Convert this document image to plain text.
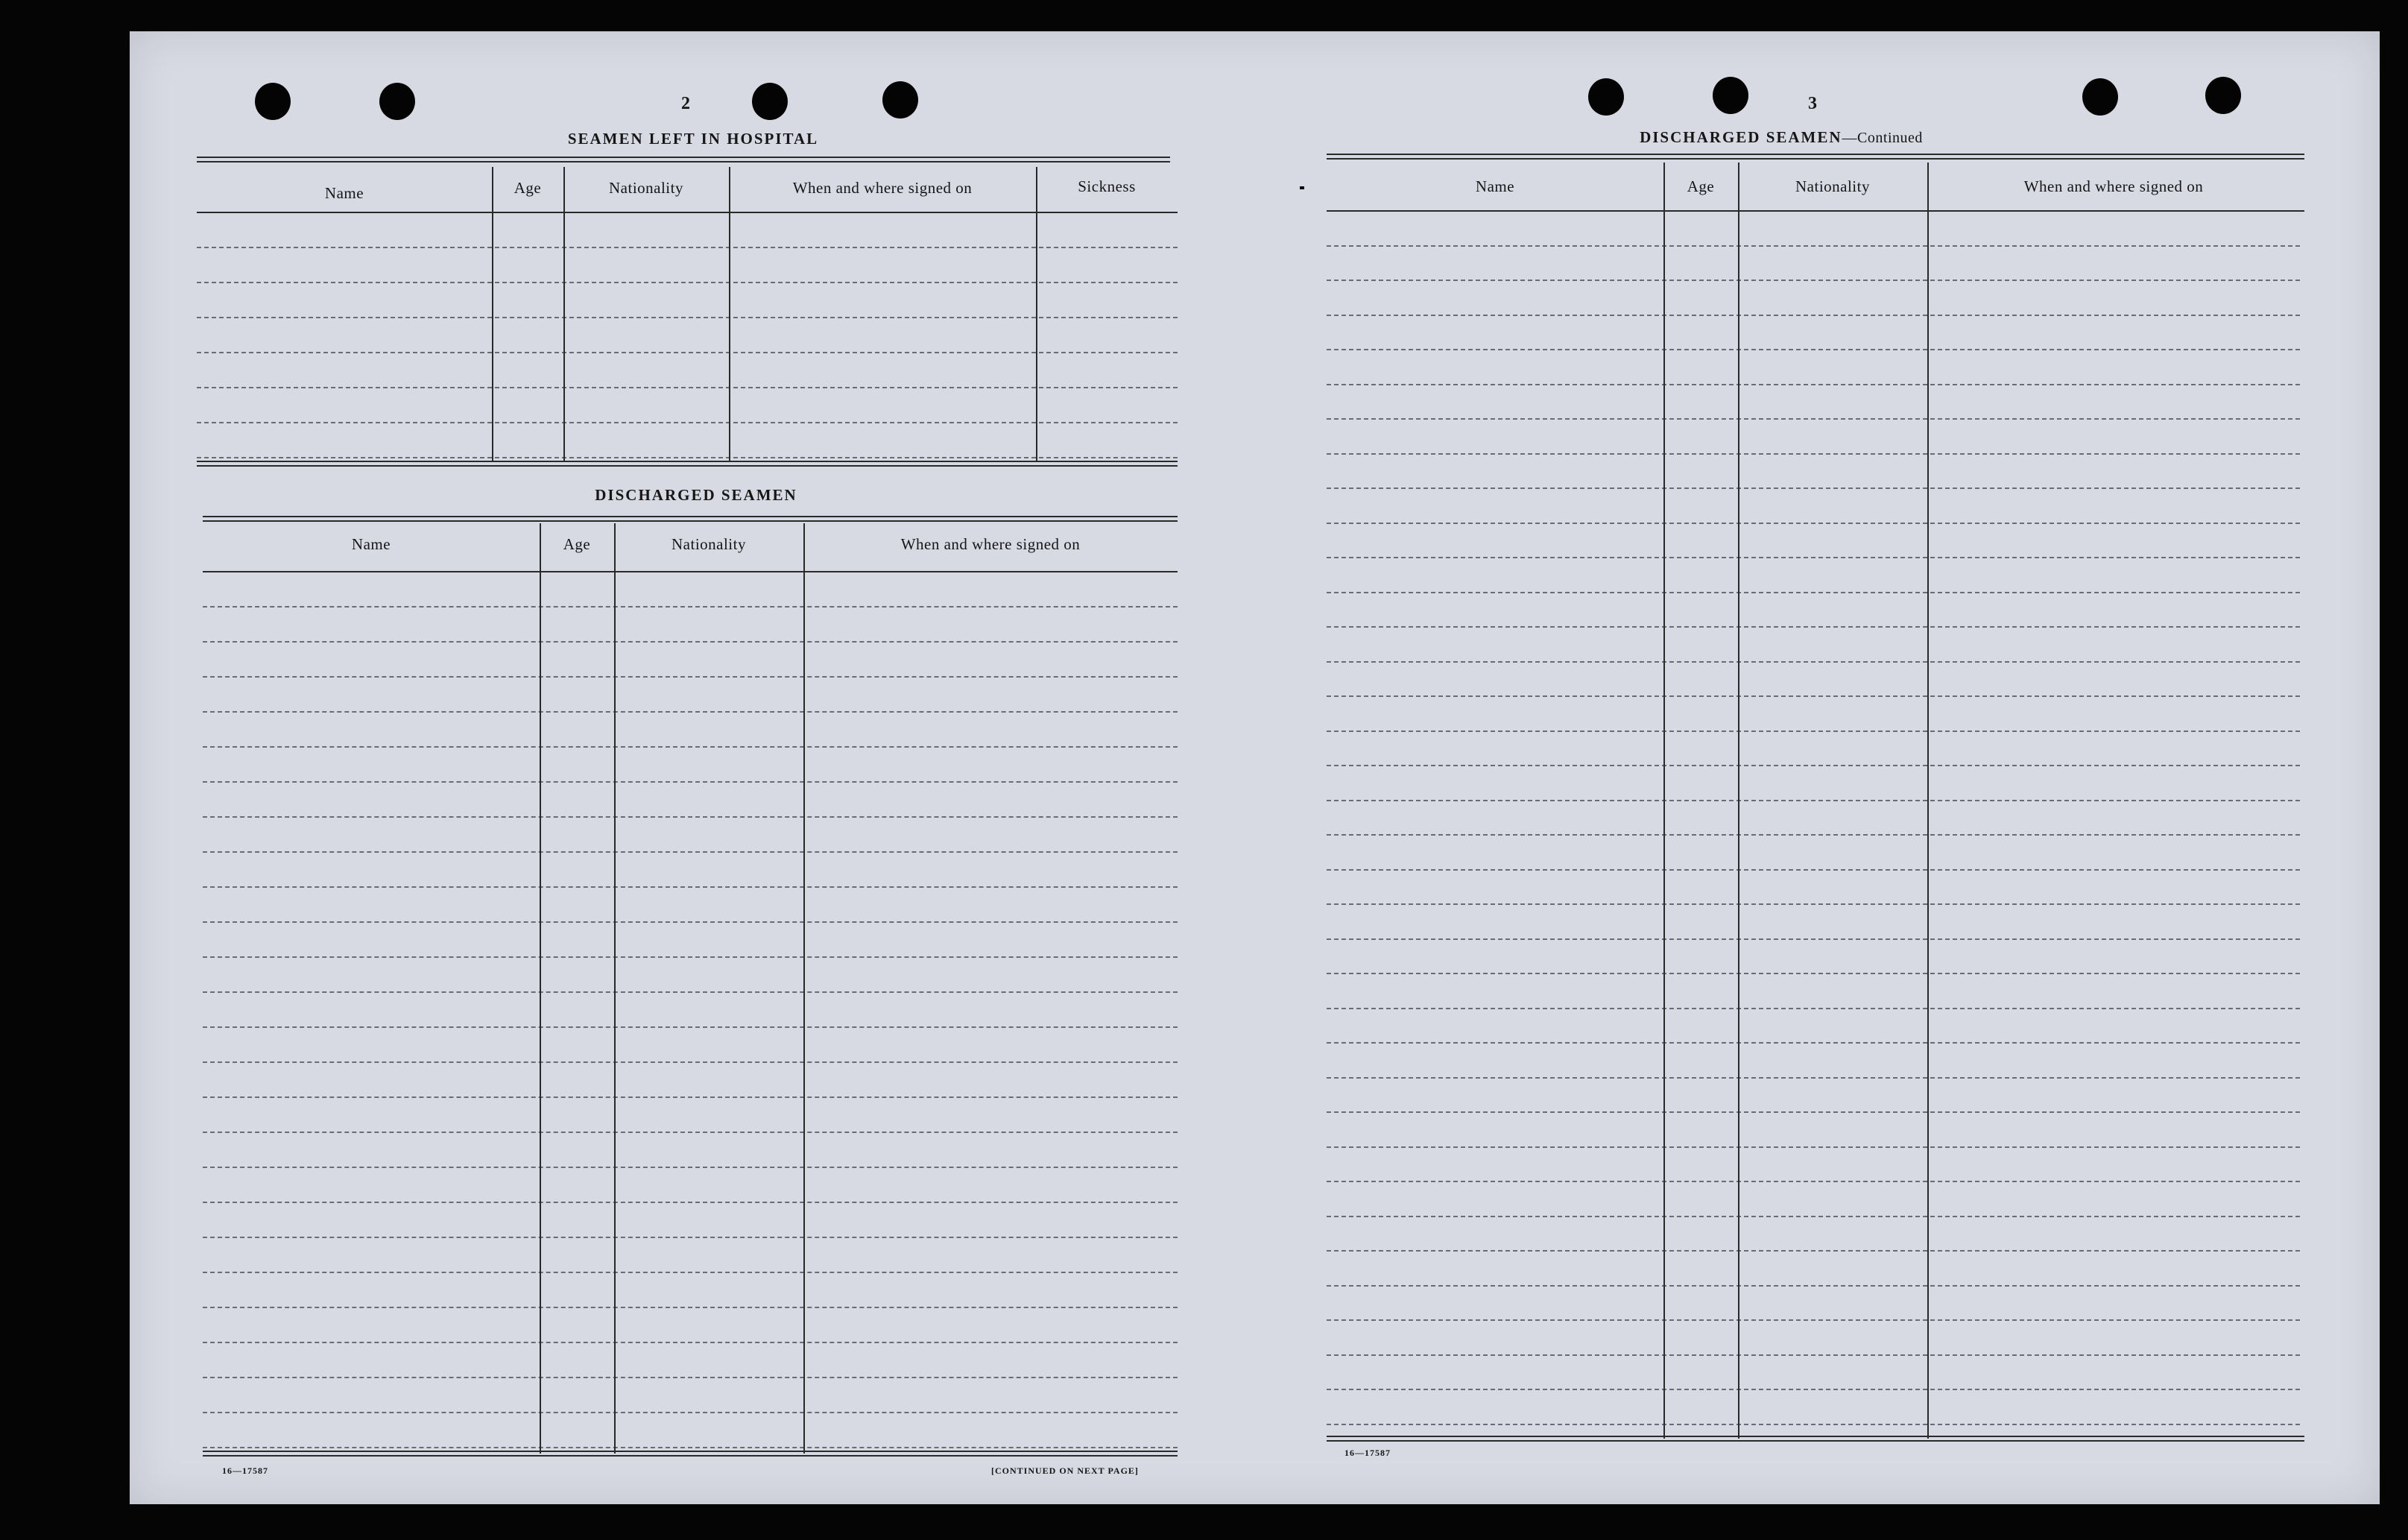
2
SEAMEN LEFT IN HOSPITAL
Name	Age	Nationality	When and where signed on	Sickness
DISCHARGED SEAMEN
Name	Age	Nationality	When and where signed on
16—17587	[CONTINUED ON NEXT PAGE]
3
DISCHARGED SEAMEN—Continued
Name	Age	Nationality	When and where signed on
16—17587
